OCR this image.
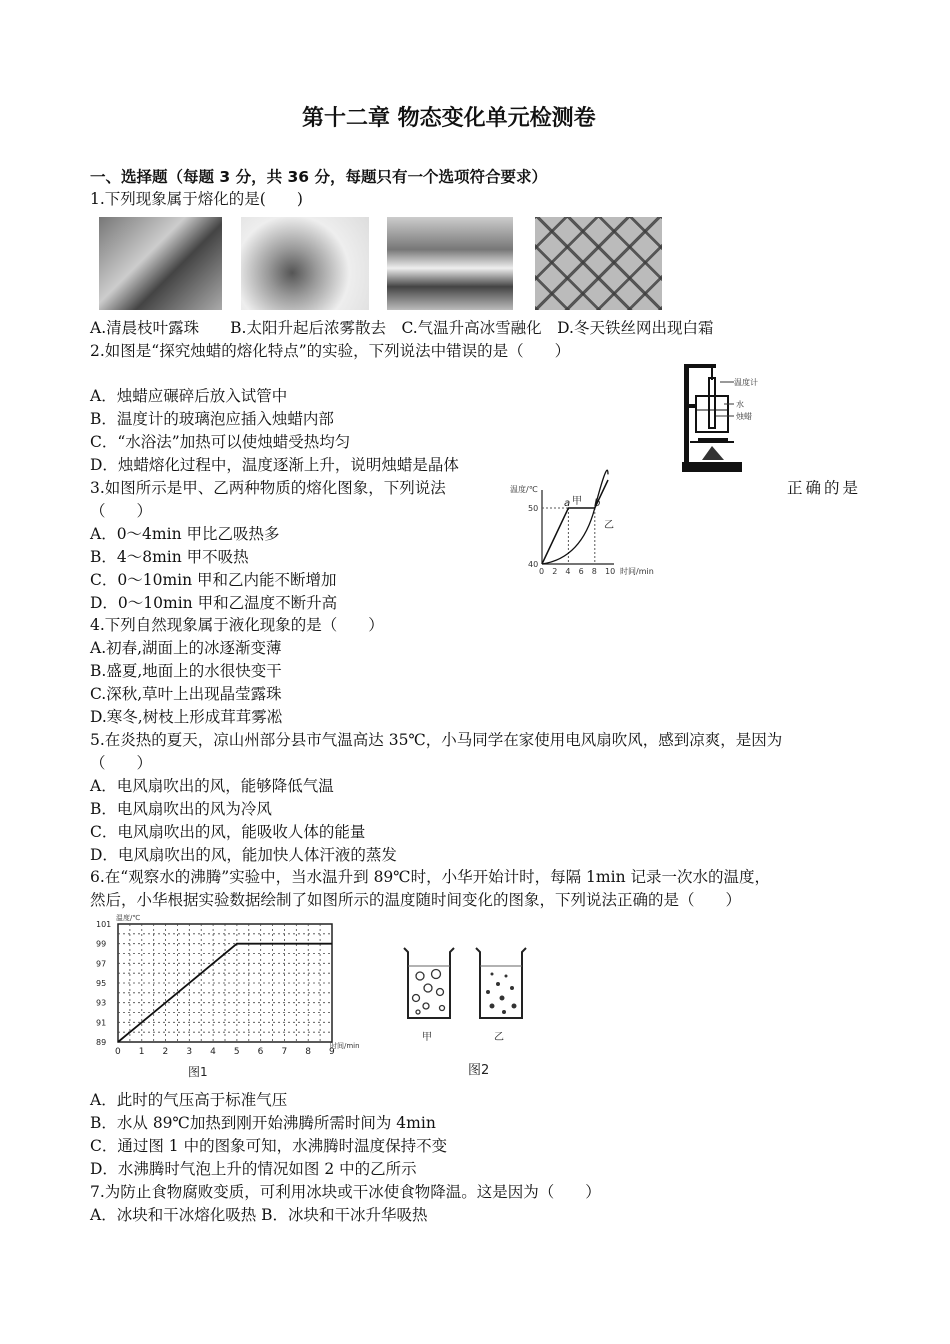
第十二章 物态变化单元检测卷
一、选择题（每题 3 分，共 36 分，每题只有一个选项符合要求）
1.下列现象属于熔化的是(　　)
A.清晨枝叶露珠　　B.太阳升起后浓雾散去　C.气温升高冰雪融化　D.冬天铁丝网出现白霜
2.如图是“探究烛蜡的熔化特点”的实验，下列说法中错误的是（　　）
A．烛蜡应碾碎后放入试管中
B．温度计的玻璃泡应插入烛蜡内部
C．“水浴法”加热可以使烛蜡受热均匀
D．烛蜡熔化过程中，温度逐渐上升，说明烛蜡是晶体
温度计
水
烛蜡
3.如图所示是甲、乙两种物质的熔化图象，下列说法	正确的是
（　　）
A．0～4min 甲比乙吸热多
B．4～8min 甲不吸热
C．0～10min 甲和乙内能不断增加
D．0～10min 甲和乙温度不断升高
温度/℃
时间/min
a 甲 b
乙
0 2 4 6 8 10
40
50
4.下列自然现象属于液化现象的是（　　）
A.初春,湖面上的冰逐渐变薄
B.盛夏,地面上的水很快变干
C.深秋,草叶上出现晶莹露珠
D.寒冬,树枝上形成茸茸雾凇
5.在炎热的夏天，凉山州部分县市气温高达 35℃，小马同学在家使用电风扇吹风，感到凉爽，是因为
（　　）
A．电风扇吹出的风，能够降低气温
B．电风扇吹出的风为冷风
C．电风扇吹出的风，能吸收人体的能量
D．电风扇吹出的风，能加快人体汗液的蒸发
6.在“观察水的沸腾”实验中，当水温升到 89℃时，小华开始计时，每隔 1min 记录一次水的温度，
然后，小华根据实验数据绘制了如图所示的温度随时间变化的图象，下列说法正确的是（　　）
温度/℃
时间/min
图1
0 1 2 3 4 5 6 7 8 9
89
91
93
95
97
99
101
甲	乙
图2
A．此时的气压高于标准气压
B．水从 89℃加热到刚开始沸腾所需时间为 4min
C．通过图 1 中的图象可知，水沸腾时温度保持不变
D．水沸腾时气泡上升的情况如图 2 中的乙所示
7.为防止食物腐败变质，可利用冰块或干冰使食物降温。这是因为（　　）
A．冰块和干冰熔化吸热 B．冰块和干冰升华吸热
